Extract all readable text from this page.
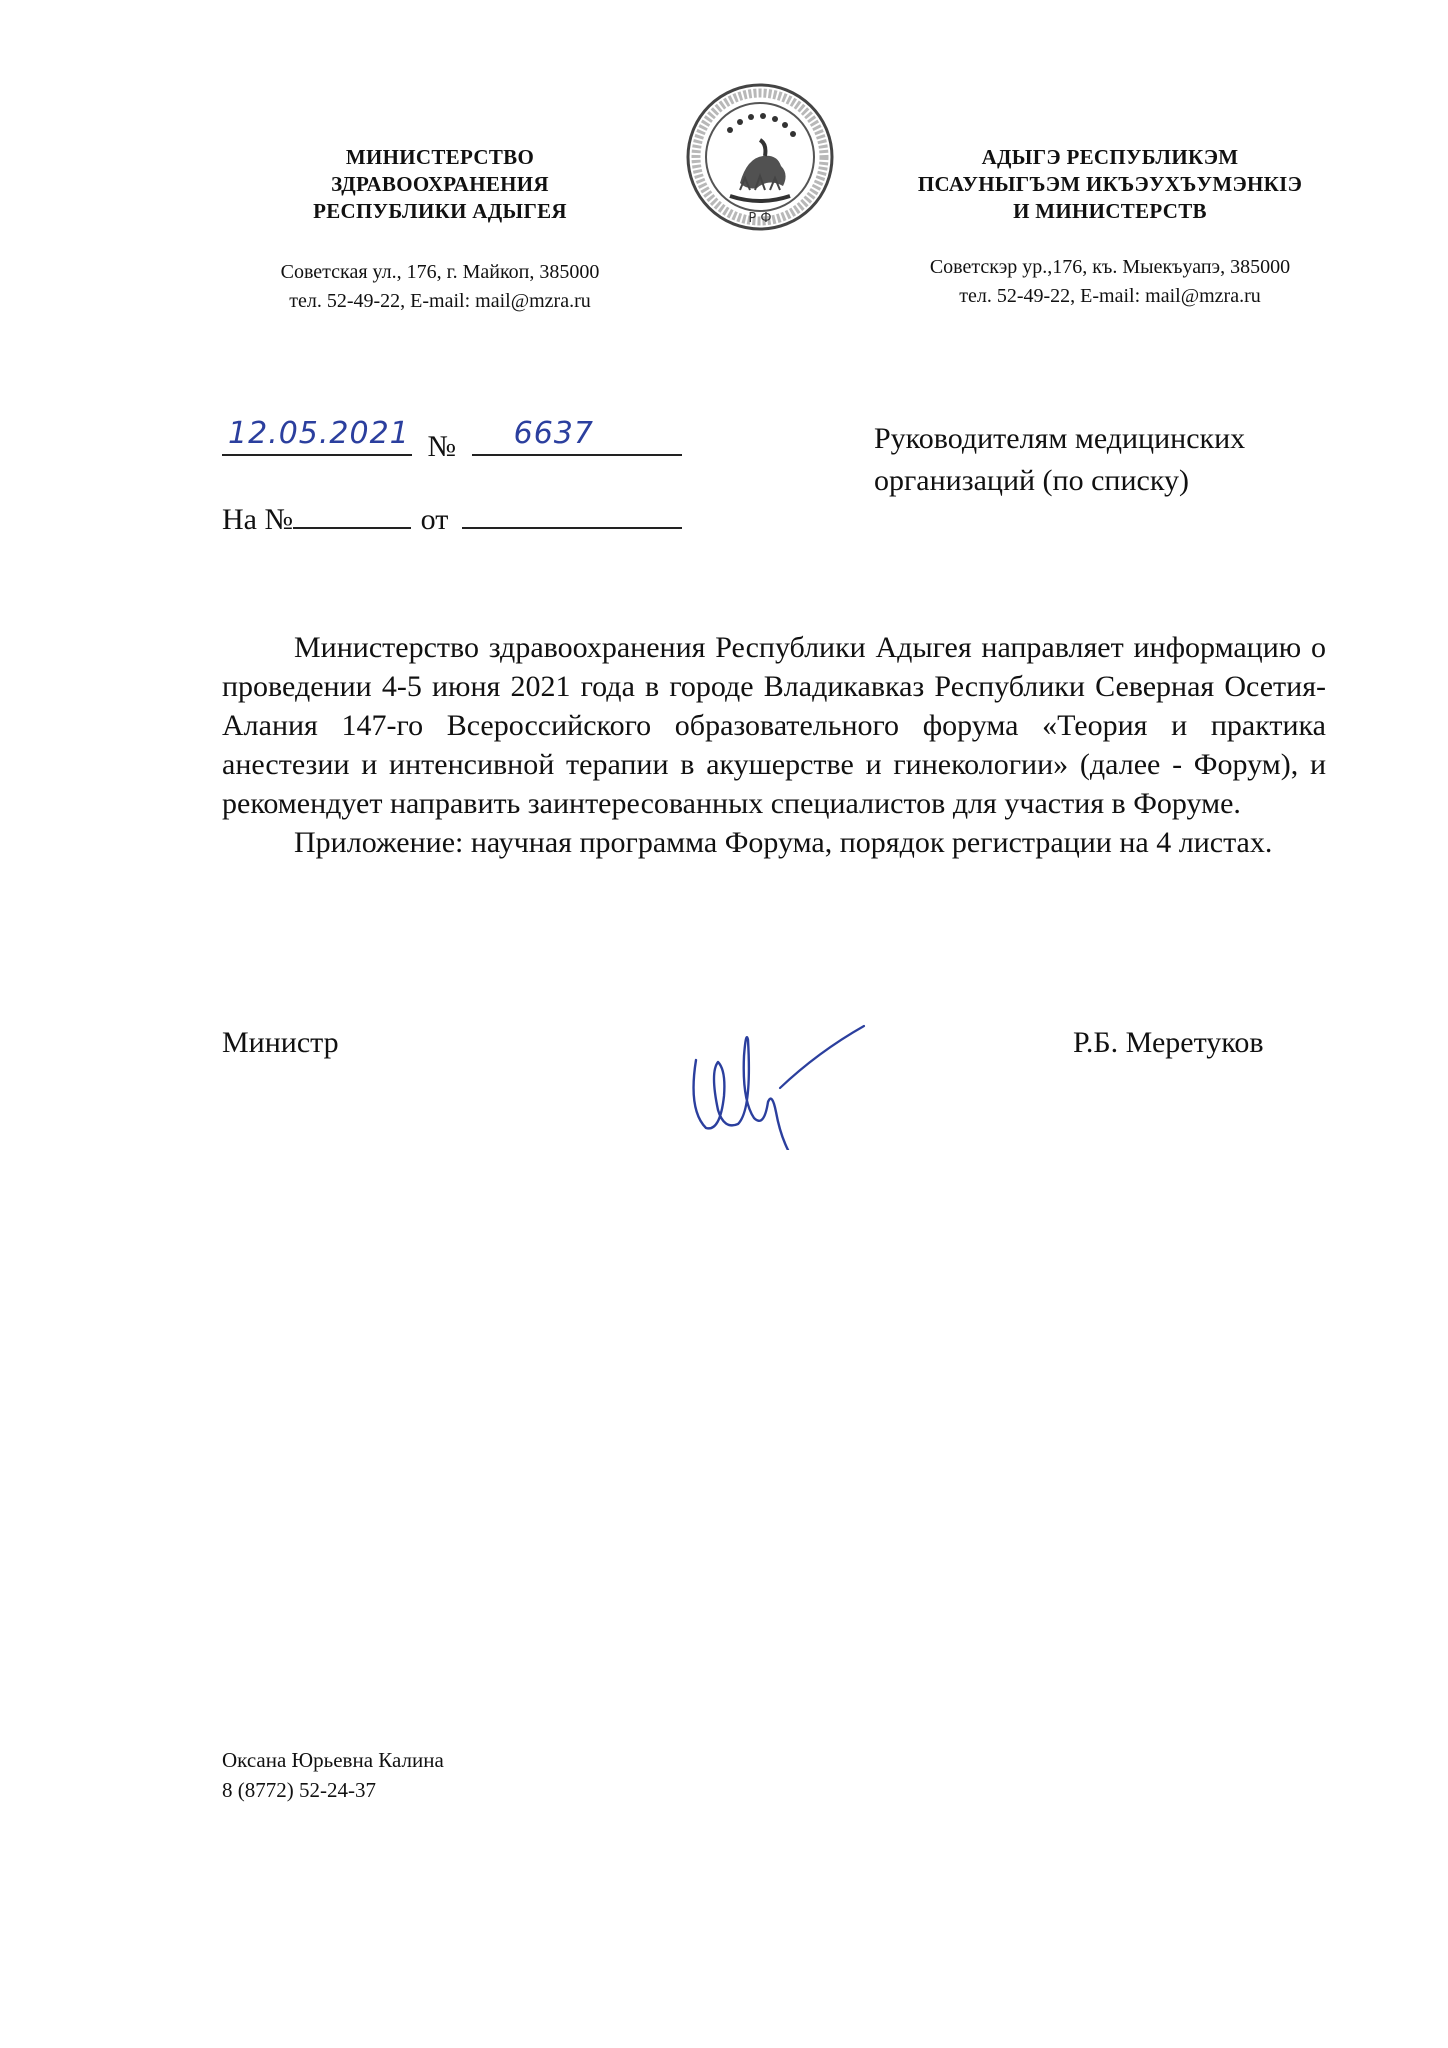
МИНИСТЕРСТВО
ЗДРАВООХРАНЕНИЯ
РЕСПУБЛИКИ АДЫГЕЯ
Советская ул., 176, г. Майкоп, 385000
тел. 52-49-22, E-mail: mail@mzra.ru
Р Ф
АДЫГЭ РЕСПУБЛИКЭМ
ПСАУНЫГЪЭМ ИКЪЭУХЪУМЭНКӀЭ
И МИНИСТЕРСТВ
Советскэр ур.,176, къ. Мыекъуапэ, 385000
тел. 52-49-22, E-mail: mail@mzra.ru
12.05.2021 № 6637
На №	от
Руководителям медицинских
организаций (по списку)

Министерство здравоохранения Республики Адыгея направляет информацию о проведении 4-5 июня 2021 года в городе Владикавказ Республики Северная Осетия-Алания 147-го Всероссийского образовательного форума «Теория и практика анестезии и интенсивной терапии в акушерстве и гинекологии» (далее - Форум), и рекомендует направить заинтересованных специалистов для участия в Форуме.

Приложение: научная программа Форума, порядок регистрации на 4 листах.

Министр	Р.Б. Меретуков
Оксана Юрьевна Калина
8 (8772) 52-24-37
